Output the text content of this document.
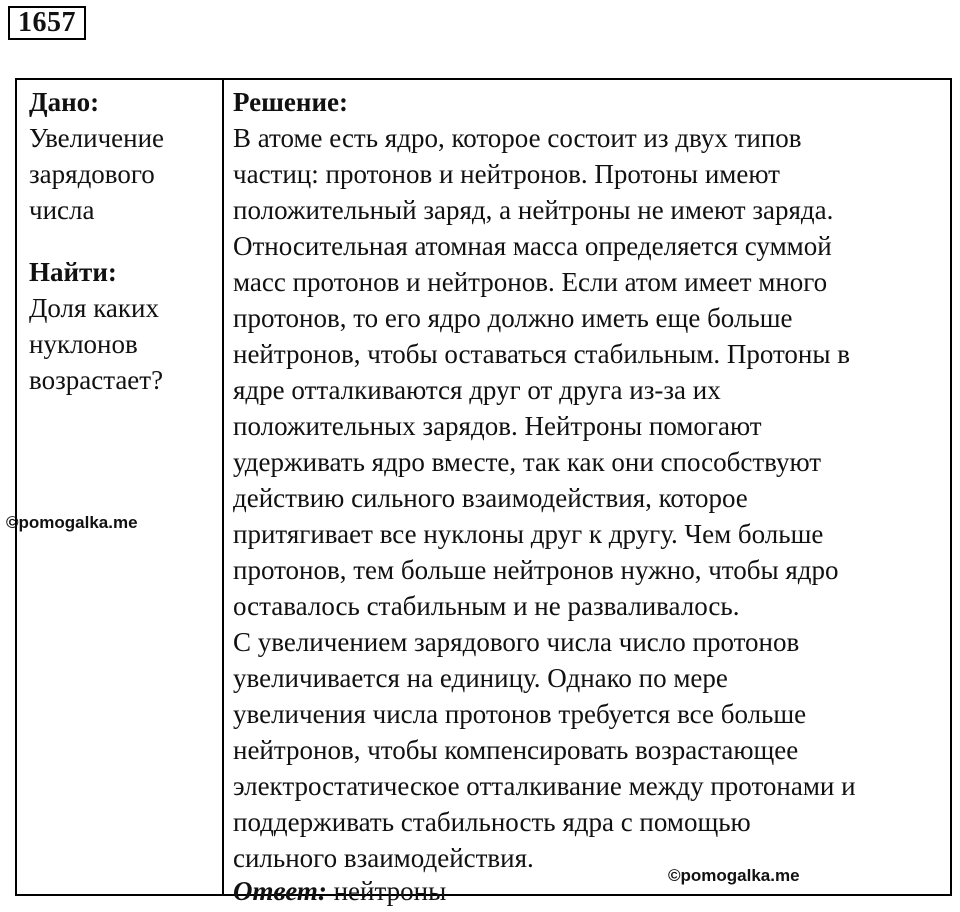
1657

Дано:

Увеличение
зарядового
числа

Найти:

Доля каких
нуклонов
возрастает?

Решение:

В атоме есть ядро, которое состоит из двух типов
частиц: протонов и нейтронов. Протоны имеют
положительный заряд, а нейтроны не имеют заряда.
Относительная атомная масса определяется суммой
масс протонов и нейтронов. Если атом имеет много
протонов, то его ядро должно иметь еще больше
нейтронов, чтобы оставаться стабильным. Протоны в
ядре отталкиваются друг от друга из-за их
положительных зарядов. Нейтроны помогают
удерживать ядро вместе, так как они способствуют
действию сильного взаимодействия, которое
притягивает все нуклоны друг к другу. Чем больше
протонов, тем больше нейтронов нужно, чтобы ядро
оставалось стабильным и не разваливалось.
С увеличением зарядового числа число протонов
увеличивается на единицу. Однако по мере
увеличения числа протонов требуется все больше
нейтронов, чтобы компенсировать возрастающее
электростатическое отталкивание между протонами и
поддерживать стабильность ядра с помощью
сильного взаимодействия.

Ответ: нейтроны

©pomogalka.me
©pomogalka.me
